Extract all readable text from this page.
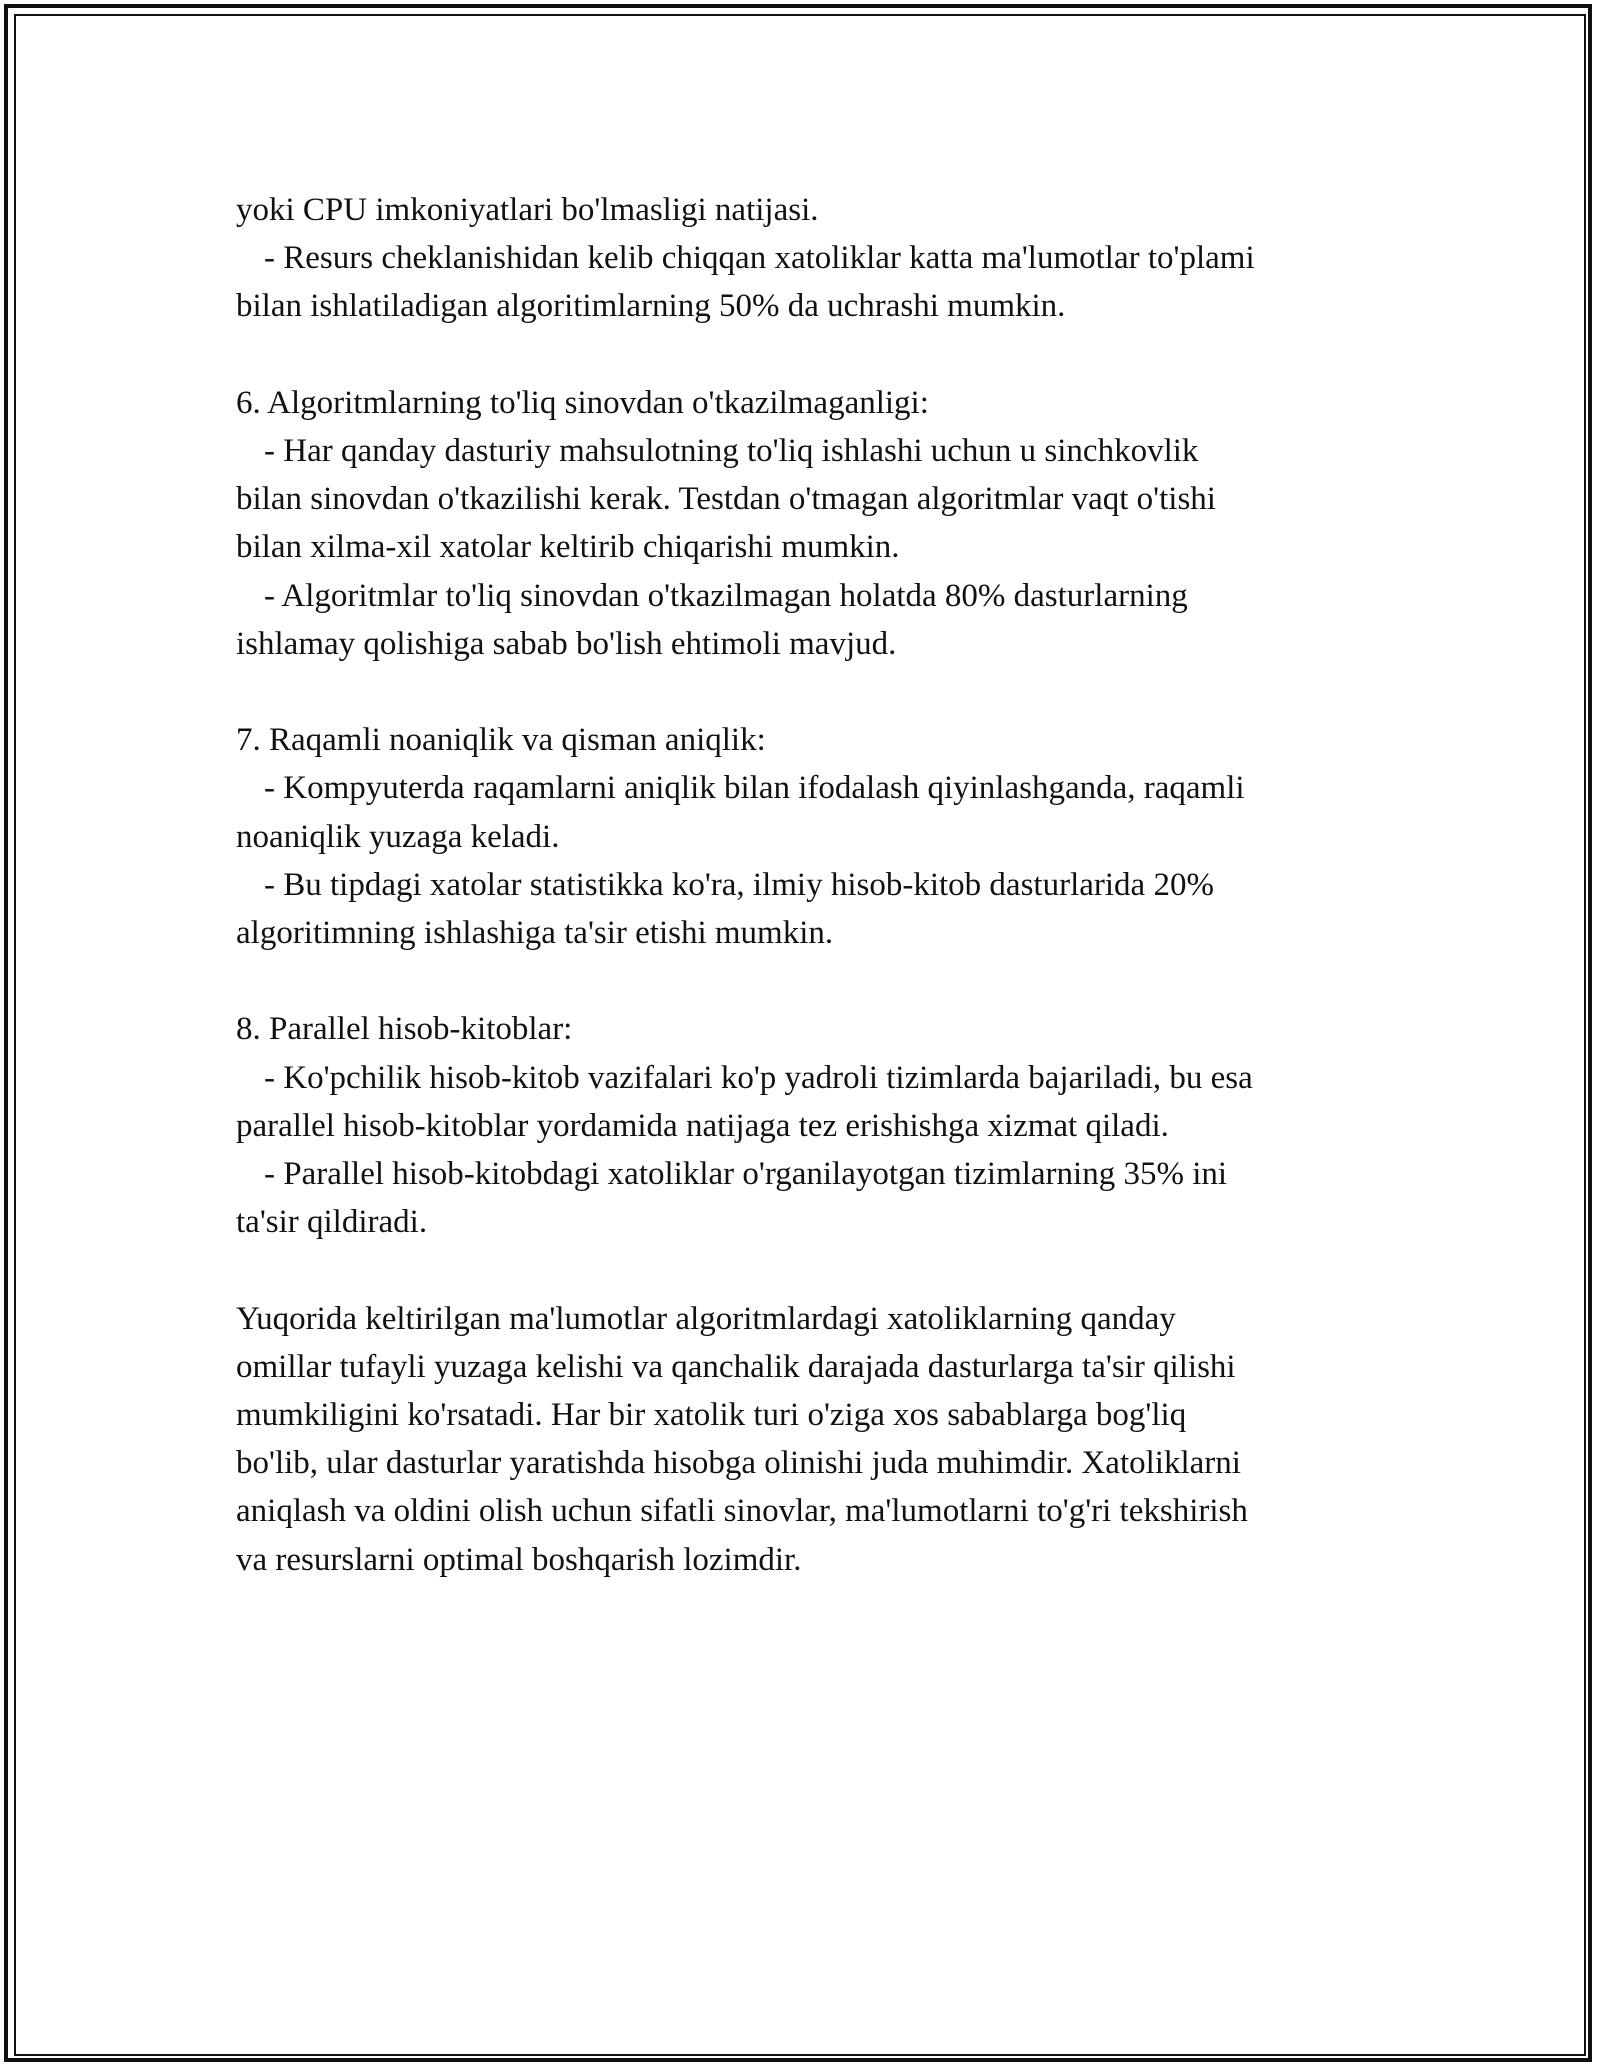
yoki CPU imkoniyatlari bo'lmasligi natijasi.

- Resurs cheklanishidan kelib chiqqan xatoliklar katta ma'lumotlar to'plami

bilan ishlatiladigan algoritimlarning 50% da uchrashi mumkin.

6. Algoritmlarning to'liq sinovdan o'tkazilmaganligi:

- Har qanday dasturiy mahsulotning to'liq ishlashi uchun u sinchkovlik

bilan sinovdan o'tkazilishi kerak. Testdan o'tmagan algoritmlar vaqt o'tishi

bilan xilma-xil xatolar keltirib chiqarishi mumkin.

- Algoritmlar to'liq sinovdan o'tkazilmagan holatda 80% dasturlarning

ishlamay qolishiga sabab bo'lish ehtimoli mavjud.

7. Raqamli noaniqlik va qisman aniqlik:

- Kompyuterda raqamlarni aniqlik bilan ifodalash qiyinlashganda, raqamli

noaniqlik yuzaga keladi.

- Bu tipdagi xatolar statistikka ko'ra, ilmiy hisob-kitob dasturlarida 20%

algoritimning ishlashiga ta'sir etishi mumkin.

8. Parallel hisob-kitoblar:

- Ko'pchilik hisob-kitob vazifalari ko'p yadroli tizimlarda bajariladi, bu esa

parallel hisob-kitoblar yordamida natijaga tez erishishga xizmat qiladi.

- Parallel hisob-kitobdagi xatoliklar o'rganilayotgan tizimlarning 35% ini

ta'sir qildiradi.

Yuqorida keltirilgan ma'lumotlar algoritmlardagi xatoliklarning qanday

omillar tufayli yuzaga kelishi va qanchalik darajada dasturlarga ta'sir qilishi

mumkiligini ko'rsatadi. Har bir xatolik turi o'ziga xos sabablarga bog'liq

bo'lib, ular dasturlar yaratishda hisobga olinishi juda muhimdir. Xatoliklarni

aniqlash va oldini olish uchun sifatli sinovlar, ma'lumotlarni to'g'ri tekshirish

va resurslarni optimal boshqarish lozimdir.
